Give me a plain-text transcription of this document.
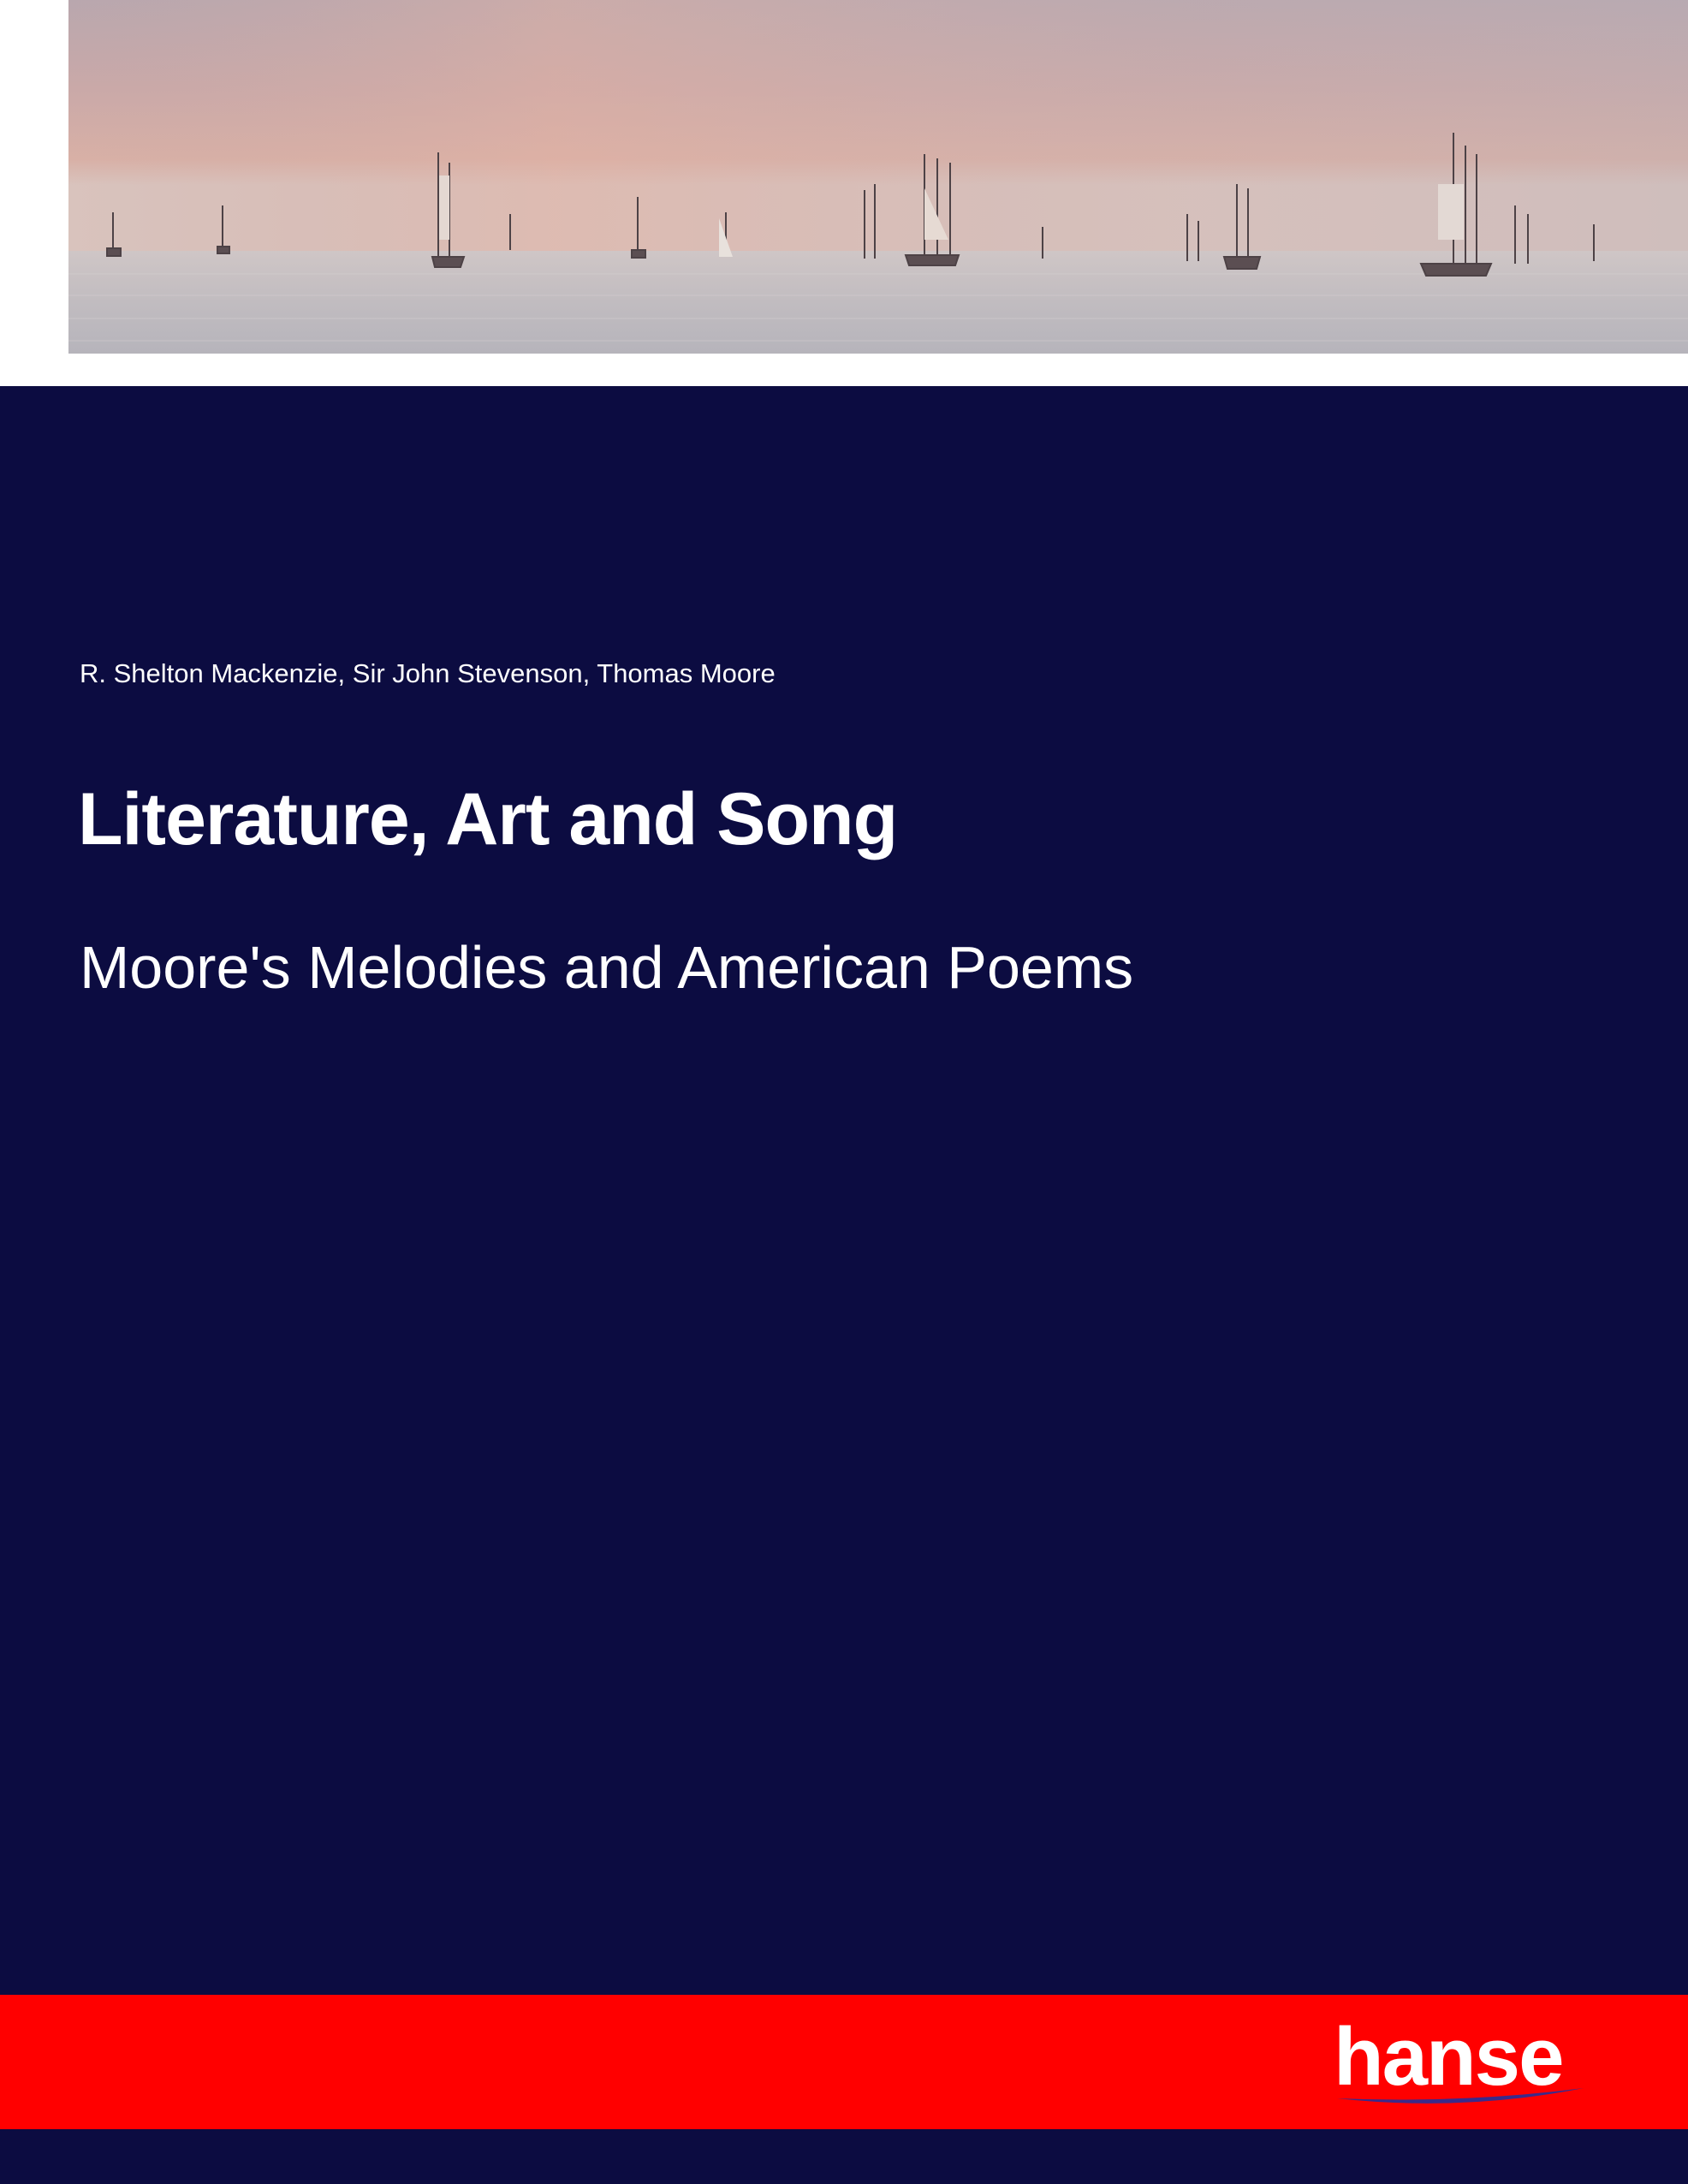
R. Shelton Mackenzie, Sir John Stevenson, Thomas Moore
Literature, Art and Song
Moore's Melodies and American Poems
hanse
